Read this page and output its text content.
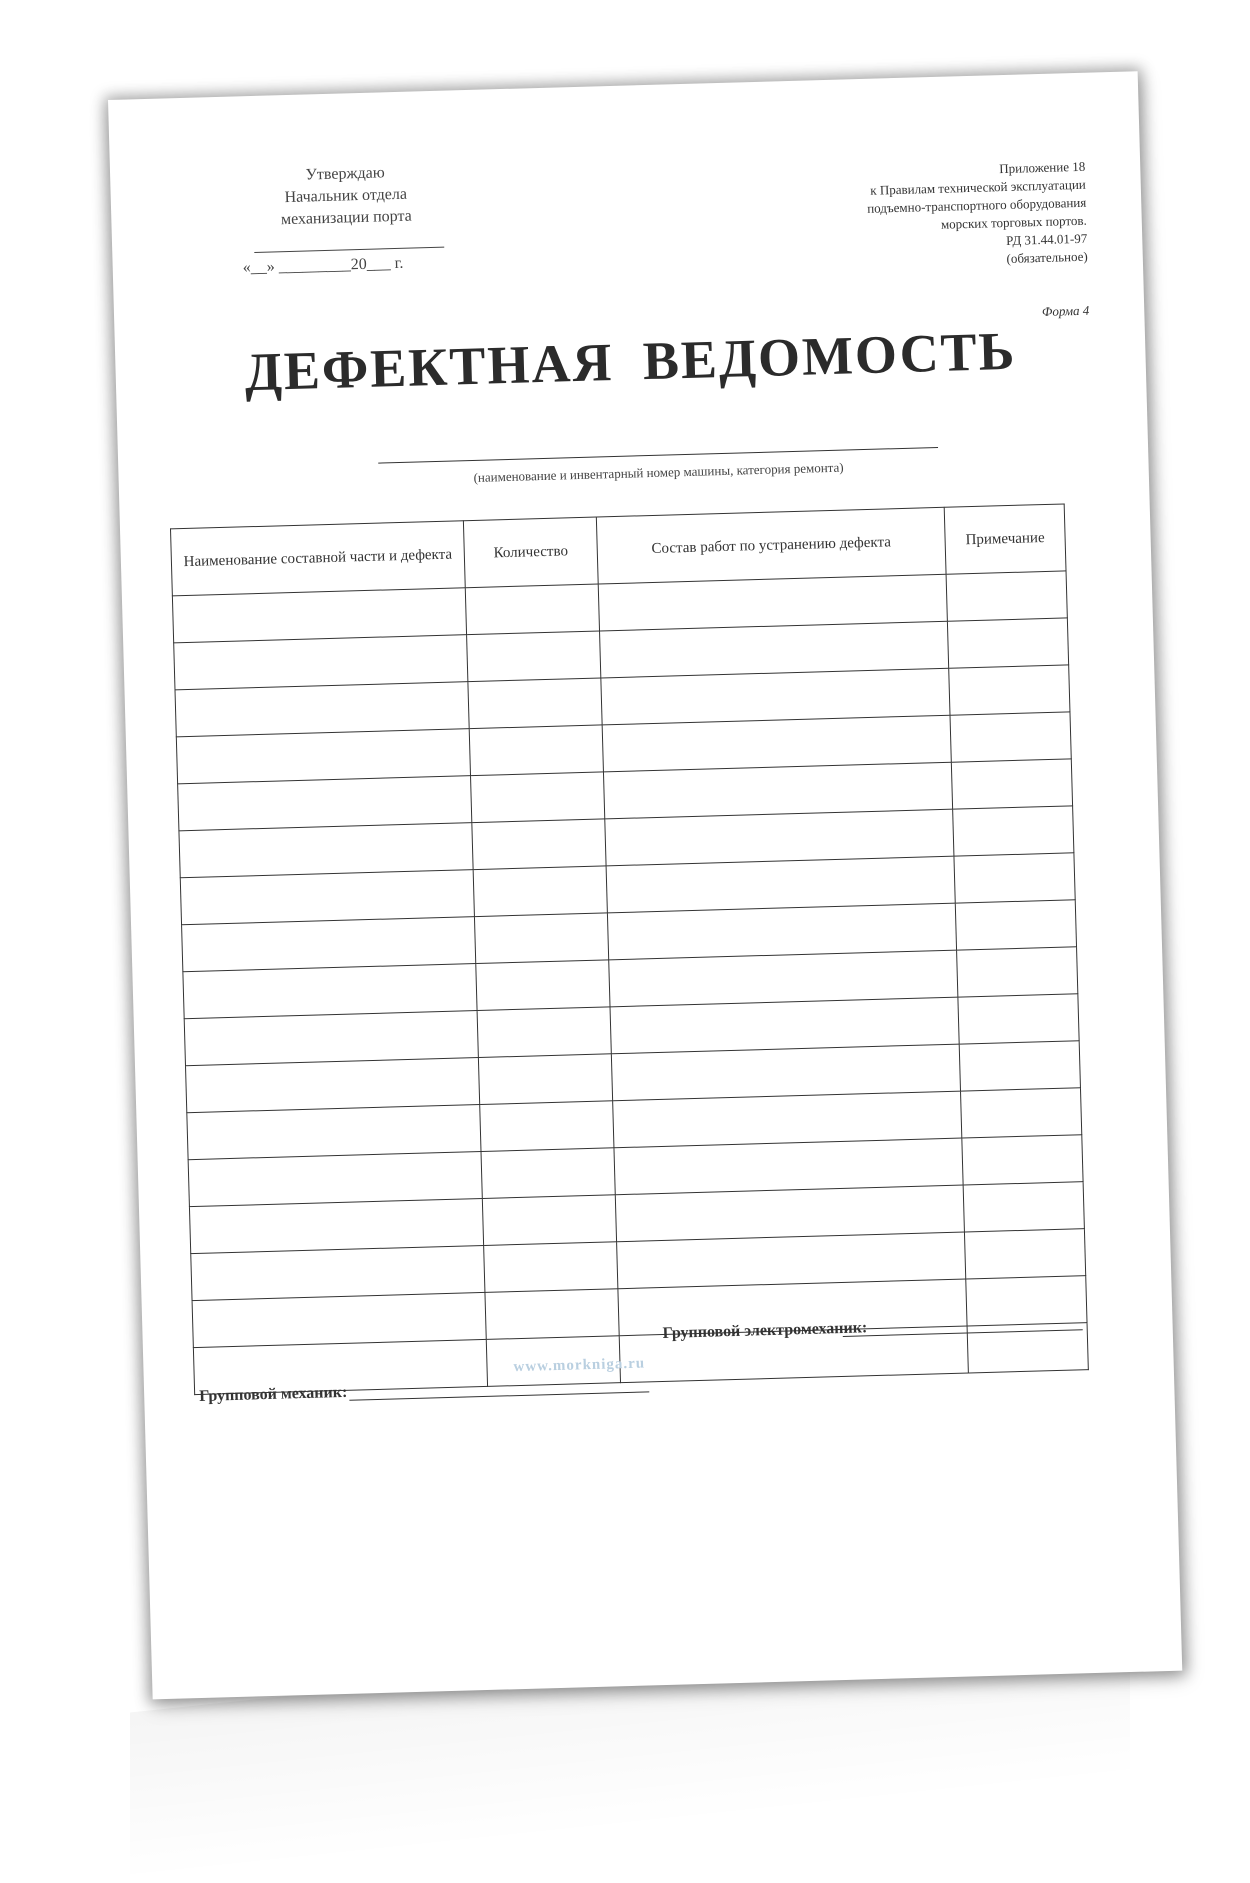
Утверждаю
Начальник отдела
механизации порта
«__» _________20___ г.
Приложение 18
к Правилам технической эксплуатации
подъемно-транспортного оборудования
морских торговых портов.
РД 31.44.01-97
(обязательное)
Форма 4
ДЕФЕКТНАЯ ВЕДОМОСТЬ
(наименование и инвентарный номер машины, категория ремонта)
Наименование составной части и дефекта	Количество	Состав работ по устранению дефекта	Примечание

Групповой электромеханик:
www.morkniga.ru
Групповой механик:
